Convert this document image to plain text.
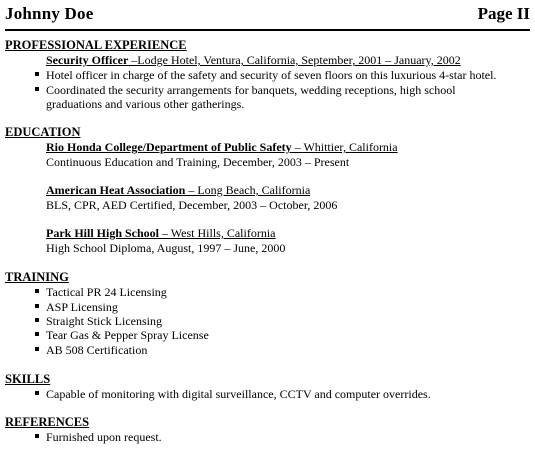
Johnny Doe	Page II
PROFESSIONAL EXPERIENCE
Security Officer –Lodge Hotel, Ventura, California, September, 2001 – January, 2002
Hotel officer in charge of the safety and security of seven floors on this luxurious 4-star hotel.
Coordinated the security arrangements for banquets, wedding receptions, high school
graduations and various other gatherings.
EDUCATION
Rio Honda College/Department of Public Safety – Whittier, California
Continuous Education and Training, December, 2003 – Present
American Heat Association – Long Beach, California
BLS, CPR, AED Certified, December, 2003 – October, 2006
Park Hill High School – West Hills, California
High School Diploma, August, 1997 – June, 2000
TRAINING
Tactical PR 24 Licensing
ASP Licensing
Straight Stick Licensing
Tear Gas & Pepper Spray License
AB 508 Certification
SKILLS
Capable of monitoring with digital surveillance, CCTV and computer overrides.
REFERENCES
Furnished upon request.
